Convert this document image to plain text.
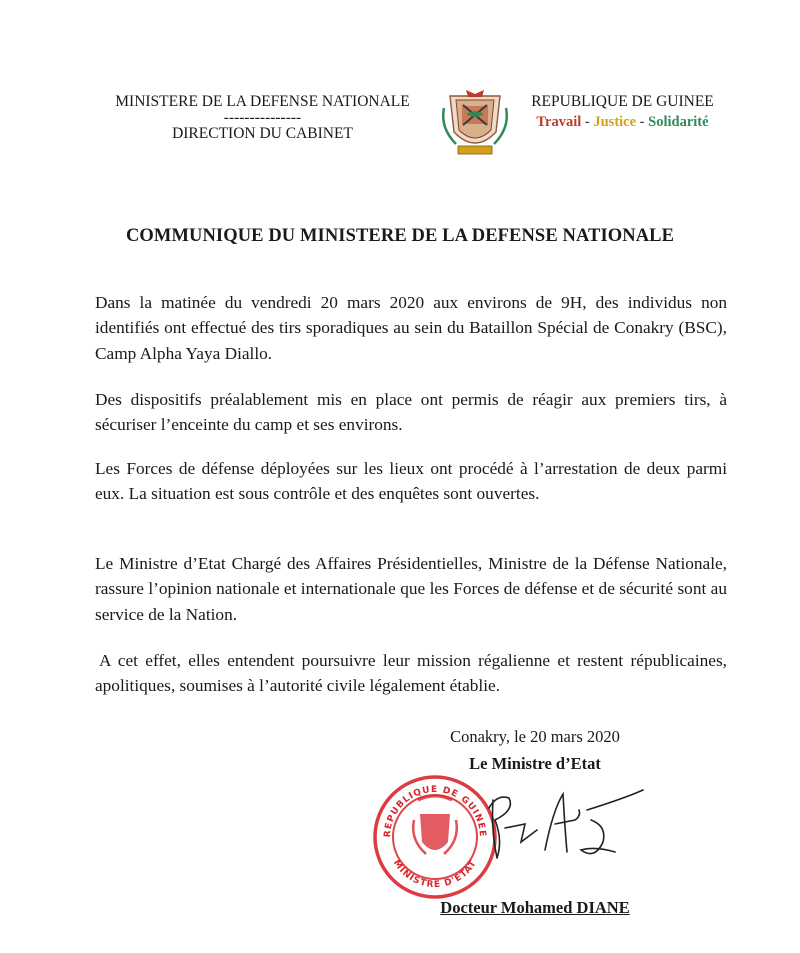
MINISTERE DE LA DEFENSE NATIONALE
---------------
DIRECTION DU CABINET
REPUBLIQUE DE GUINEE
Travail - Justice - Solidarité
COMMUNIQUE DU MINISTERE DE LA DEFENSE NATIONALE

Dans la matinée du vendredi 20 mars 2020 aux environs de 9H, des individus non identifiés ont effectué des tirs sporadiques au sein du Bataillon Spécial de Conakry (BSC), Camp Alpha Yaya Diallo.

Des dispositifs préalablement mis en place ont permis de réagir aux premiers tirs, à sécuriser l’enceinte du camp et ses environs.

Les Forces de défense déployées sur les lieux ont procédé à l’arrestation de deux parmi eux. La situation est sous contrôle et des enquêtes sont ouvertes.

Le Ministre d’Etat Chargé des Affaires Présidentielles, Ministre de la Défense Nationale, rassure l’opinion nationale et internationale que les Forces de défense et de sécurité sont au service de la Nation.

A cet effet, elles entendent poursuivre leur mission régalienne et restent républicaines, apolitiques, soumises à l’autorité civile légalement établie.

Conakry, le 20 mars 2020
Le Ministre d’Etat
REPUBLIQUE DE GUINEE
MINISTRE D'ETAT
Docteur Mohamed DIANE
